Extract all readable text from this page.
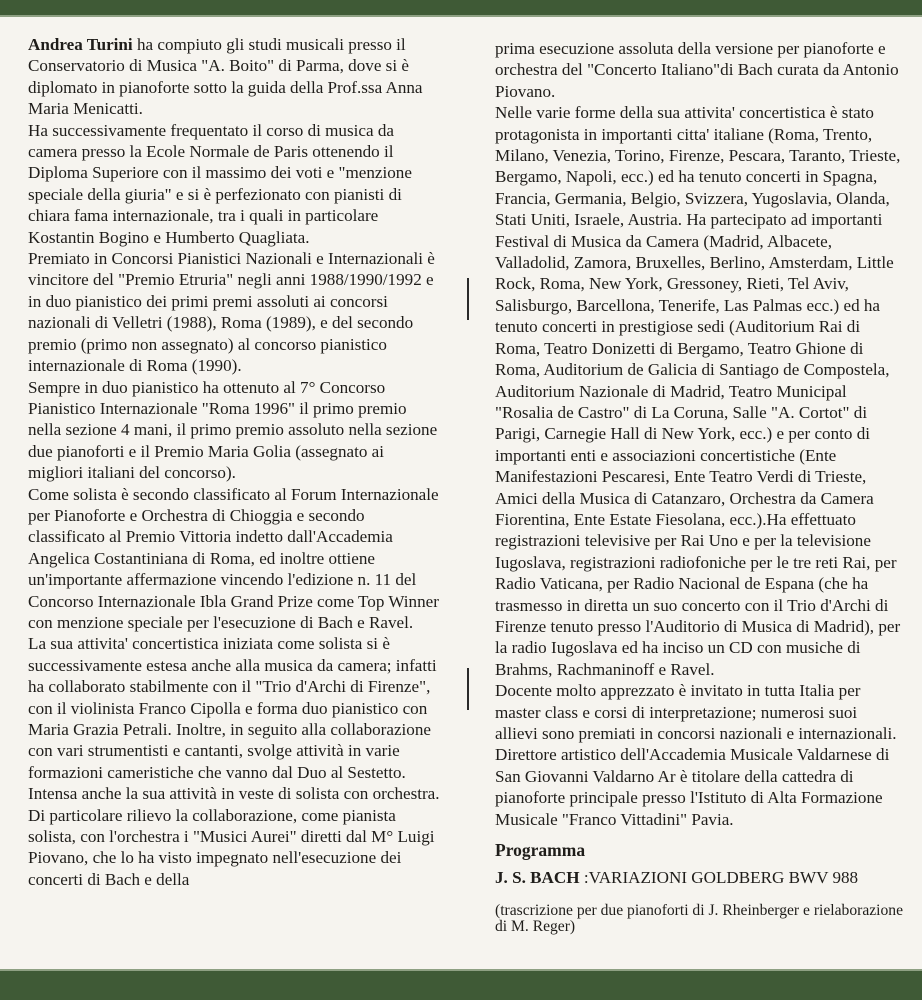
Andrea Turini ha compiuto gli studi musicali presso il Conservatorio di Musica "A. Boito" di Parma, dove si è diplomato in pianoforte sotto la guida della Prof.ssa Anna Maria Menicatti.

Ha successivamente frequentato il corso di musica da camera presso la Ecole Normale de Paris ottenendo il Diploma Superiore con il massimo dei voti e "menzione speciale della giuria" e si è perfezionato con pianisti di chiara fama internazionale, tra i quali in particolare Kostantin Bogino e Humberto Quagliata.

Premiato in Concorsi Pianistici Nazionali e Internazionali è vincitore del "Premio Etruria" negli anni 1988/1990/1992 e in duo pianistico dei primi premi assoluti ai concorsi nazionali di Velletri (1988), Roma (1989), e del secondo premio (primo non assegnato) al concorso pianistico internazionale di Roma (1990).

Sempre in duo pianistico ha ottenuto al 7° Concorso Pianistico Internazionale "Roma 1996" il primo premio nella sezione 4 mani, il primo premio assoluto nella sezione due pianoforti e il Premio Maria Golia (assegnato ai migliori italiani del concorso).

Come solista è secondo classificato al Forum Internazionale per Pianoforte e Orchestra di Chioggia e secondo classificato al Premio Vittoria indetto dall'Accademia Angelica Costantiniana di Roma, ed inoltre ottiene un'importante affermazione vincendo l'edizione n. 11 del Concorso Internazionale Ibla Grand Prize come Top Winner con menzione speciale per l'esecuzione di Bach e Ravel.

La sua attivita' concertistica iniziata come solista si è successivamente estesa anche alla musica da camera; infatti ha collaborato stabilmente con il "Trio d'Archi di Firenze", con il violinista Franco Cipolla e forma duo pianistico con Maria Grazia Petrali. Inoltre, in seguito alla collaborazione con vari strumentisti e cantanti, svolge attività in varie formazioni cameristiche che vanno dal Duo al Sestetto. Intensa anche la sua attività in veste di solista con orchestra. Di particolare rilievo la collaborazione, come pianista solista, con l'orchestra i "Musici Aurei" diretti dal M° Luigi Piovano, che lo ha visto impegnato nell'esecuzione dei concerti di Bach e della

prima esecuzione assoluta della versione per pianoforte e orchestra del "Concerto Italiano"di Bach curata da Antonio Piovano.

Nelle varie forme della sua attivita' concertistica è stato protagonista in importanti citta' italiane (Roma, Trento, Milano, Venezia, Torino, Firenze, Pescara, Taranto, Trieste, Bergamo, Napoli, ecc.) ed ha tenuto concerti in Spagna, Francia, Germania, Belgio, Svizzera, Yugoslavia, Olanda, Stati Uniti, Israele, Austria. Ha partecipato ad importanti Festival di Musica da Camera (Madrid, Albacete, Valladolid, Zamora, Bruxelles, Berlino, Amsterdam, Little Rock, Roma, New York, Gressoney, Rieti, Tel Aviv, Salisburgo, Barcellona, Tenerife, Las Palmas ecc.) ed ha tenuto concerti in prestigiose sedi (Auditorium Rai di Roma, Teatro Donizetti di Bergamo, Teatro Ghione di Roma, Auditorium de Galicia di Santiago de Compostela, Auditorium Nazionale di Madrid, Teatro Municipal "Rosalia de Castro" di La Coruna, Salle "A. Cortot" di Parigi, Carnegie Hall di New York, ecc.) e per conto di importanti enti e associazioni concertistiche (Ente Manifestazioni Pescaresi, Ente Teatro Verdi di Trieste, Amici della Musica di Catanzaro, Orchestra da Camera Fiorentina, Ente Estate Fiesolana, ecc.).Ha effettuato registrazioni televisive per Rai Uno e per la televisione Iugoslava, registrazioni radiofoniche per le tre reti Rai, per Radio Vaticana, per Radio Nacional de Espana (che ha trasmesso in diretta un suo concerto con il Trio d'Archi di Firenze tenuto presso l'Auditorio di Musica di Madrid), per la radio Iugoslava ed ha inciso un CD con musiche di Brahms, Rachmaninoff e Ravel.

Docente molto apprezzato è invitato in tutta Italia per master class e corsi di interpretazione; numerosi suoi allievi sono premiati in concorsi nazionali e internazionali. Direttore artistico dell'Accademia Musicale Valdarnese di San Giovanni Valdarno Ar è titolare della cattedra di pianoforte principale presso l'Istituto di Alta Formazione Musicale "Franco Vittadini" Pavia.

Programma

J. S. BACH :VARIAZIONI GOLDBERG BWV 988

(trascrizione per due pianoforti di J. Rheinberger e rielaborazione di M. Reger)
